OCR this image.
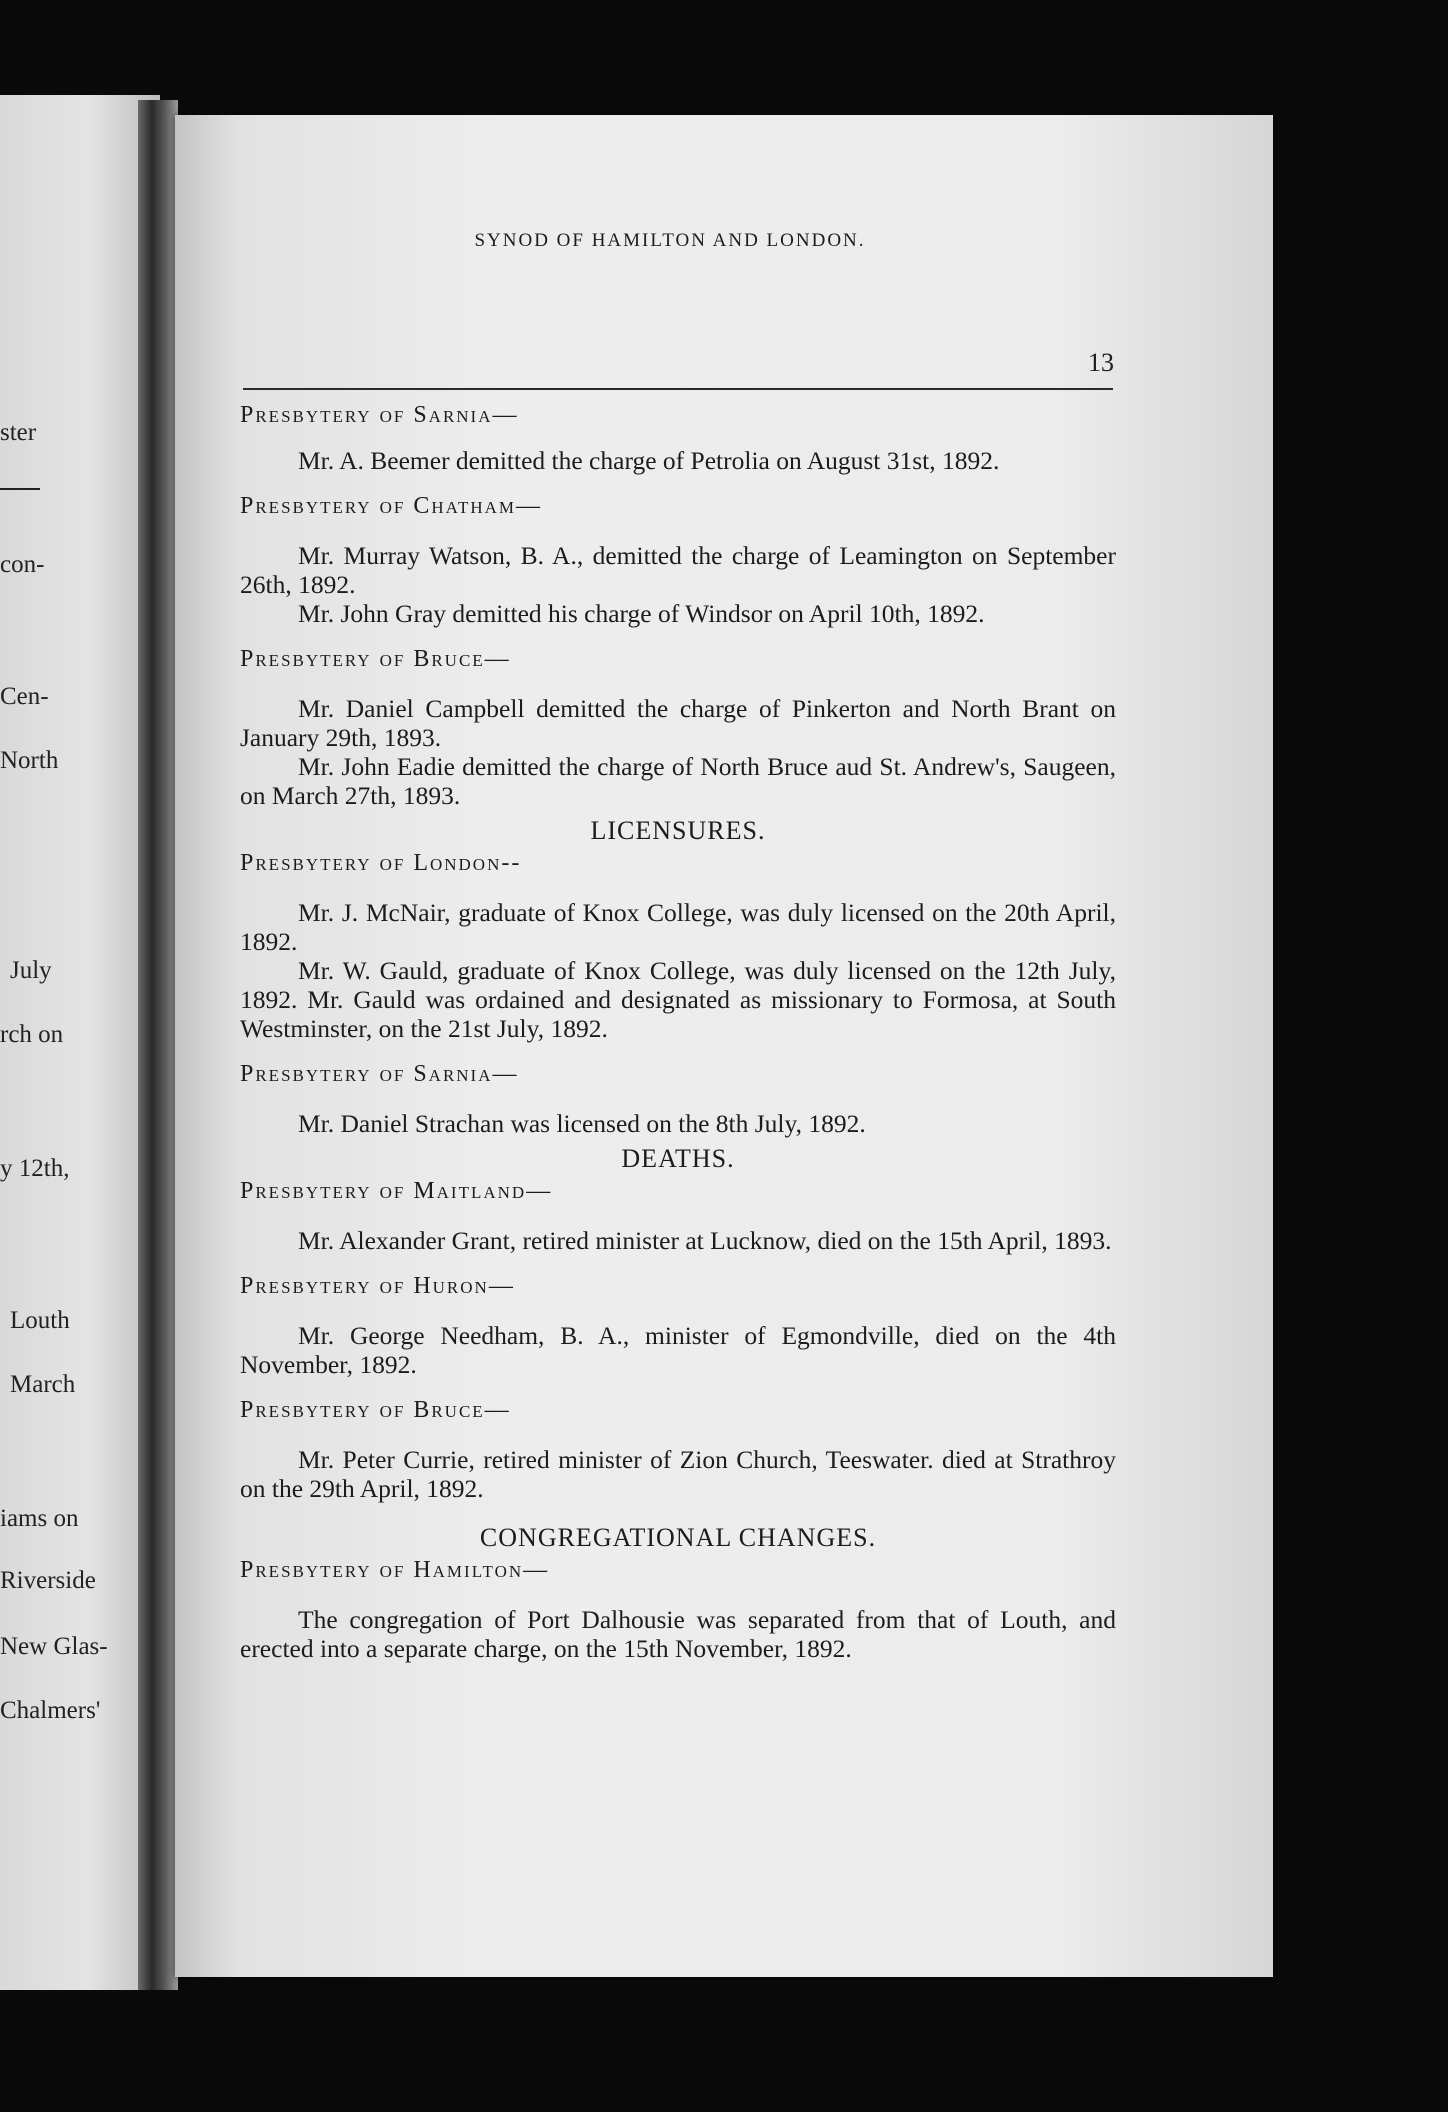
ster
con-
Cen-
North
July
rch on
y 12th,
Louth
March
iams on
Riverside
New Glas-
Chalmers'
SYNOD OF HAMILTON AND LONDON.
13

Presbytery of Sarnia—

Mr. A. Beemer demitted the charge of Petrolia on August 31st, 1892.

Presbytery of Chatham—

Mr. Murray Watson, B. A., demitted the charge of Leamington on September 26th, 1892.

Mr. John Gray demitted his charge of Windsor on April 10th, 1892.

Presbytery of Bruce—

Mr. Daniel Campbell demitted the charge of Pinkerton and North Brant on January 29th, 1893.

Mr. John Eadie demitted the charge of North Bruce aud St. Andrew's, Saugeen, on March 27th, 1893.

LICENSURES.

Presbytery of London--

Mr. J. McNair, graduate of Knox College, was duly licensed on the 20th April, 1892.

Mr. W. Gauld, graduate of Knox College, was duly licensed on the 12th July, 1892. Mr. Gauld was ordained and designated as missionary to Formosa, at South Westminster, on the 21st July, 1892.

Presbytery of Sarnia—

Mr. Daniel Strachan was licensed on the 8th July, 1892.

DEATHS.

Presbytery of Maitland—

Mr. Alexander Grant, retired minister at Lucknow, died on the 15th April, 1893.

Presbytery of Huron—

Mr. George Needham, B. A., minister of Egmondville, died on the 4th November, 1892.

Presbytery of Bruce—

Mr. Peter Currie, retired minister of Zion Church, Teeswater. died at Strathroy on the 29th April, 1892.

CONGREGATIONAL CHANGES.

Presbytery of Hamilton—

The congregation of Port Dalhousie was separated from that of Louth, and erected into a separate charge, on the 15th November, 1892.
